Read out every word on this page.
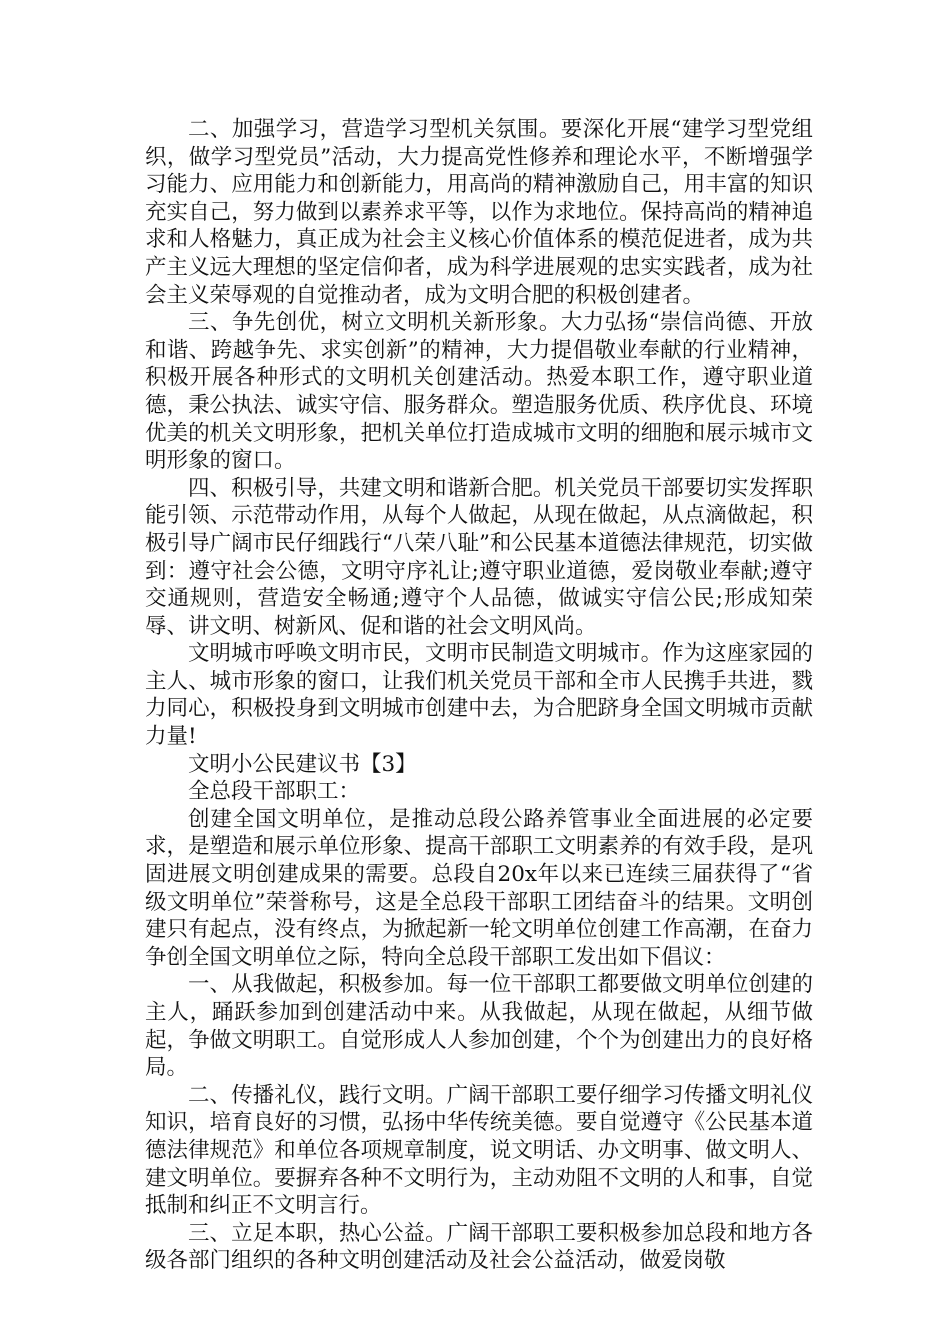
二、加强学习，营造学习型机关氛围。要深化开展“建学习型党组织，做学习型党员”活动，大力提高党性修养和理论水平，不断增强学习能力、应用能力和创新能力，用高尚的精神激励自己，用丰富的知识充实自己，努力做到以素养求平等，以作为求地位。保持高尚的精神追求和人格魅力，真正成为社会主义核心价值体系的模范促进者，成为共产主义远大理想的坚定信仰者，成为科学进展观的忠实实践者，成为社会主义荣辱观的自觉推动者，成为文明合肥的积极创建者。

三、争先创优，树立文明机关新形象。大力弘扬“崇信尚德、开放和谐、跨越争先、求实创新”的精神，大力提倡敬业奉献的行业精神，积极开展各种形式的文明机关创建活动。热爱本职工作，遵守职业道德，秉公执法、诚实守信、服务群众。塑造服务优质、秩序优良、环境优美的机关文明形象，把机关单位打造成城市文明的细胞和展示城市文明形象的窗口。

四、积极引导，共建文明和谐新合肥。机关党员干部要切实发挥职能引领、示范带动作用，从每个人做起，从现在做起，从点滴做起，积极引导广阔市民仔细践行“八荣八耻”和公民基本道德法律规范，切实做到：遵守社会公德，文明守序礼让;遵守职业道德，爱岗敬业奉献;遵守交通规则，营造安全畅通;遵守个人品德，做诚实守信公民;形成知荣辱、讲文明、树新风、促和谐的社会文明风尚。

文明城市呼唤文明市民，文明市民制造文明城市。作为这座家园的主人、城市形象的窗口，让我们机关党员干部和全市人民携手共进，戮力同心，积极投身到文明城市创建中去，为合肥跻身全国文明城市贡献力量!

文明小公民建议书【3】

全总段干部职工：

创建全国文明单位，是推动总段公路养管事业全面进展的必定要求，是塑造和展示单位形象、提高干部职工文明素养的有效手段，是巩固进展文明创建成果的需要。总段自20x年以来已连续三届获得了“省级文明单位”荣誉称号，这是全总段干部职工团结奋斗的结果。文明创建只有起点，没有终点，为掀起新一轮文明单位创建工作高潮，在奋力争创全国文明单位之际，特向全总段干部职工发出如下倡议：

一、从我做起，积极参加。每一位干部职工都要做文明单位创建的主人，踊跃参加到创建活动中来。从我做起，从现在做起，从细节做起，争做文明职工。自觉形成人人参加创建，个个为创建出力的良好格局。

二、传播礼仪，践行文明。广阔干部职工要仔细学习传播文明礼仪知识，培育良好的习惯，弘扬中华传统美德。要自觉遵守《公民基本道德法律规范》和单位各项规章制度，说文明话、办文明事、做文明人、建文明单位。要摒弃各种不文明行为，主动劝阻不文明的人和事，自觉抵制和纠正不文明言行。

三、立足本职，热心公益。广阔干部职工要积极参加总段和地方各级各部门组织的各种文明创建活动及社会公益活动，做爱岗敬
